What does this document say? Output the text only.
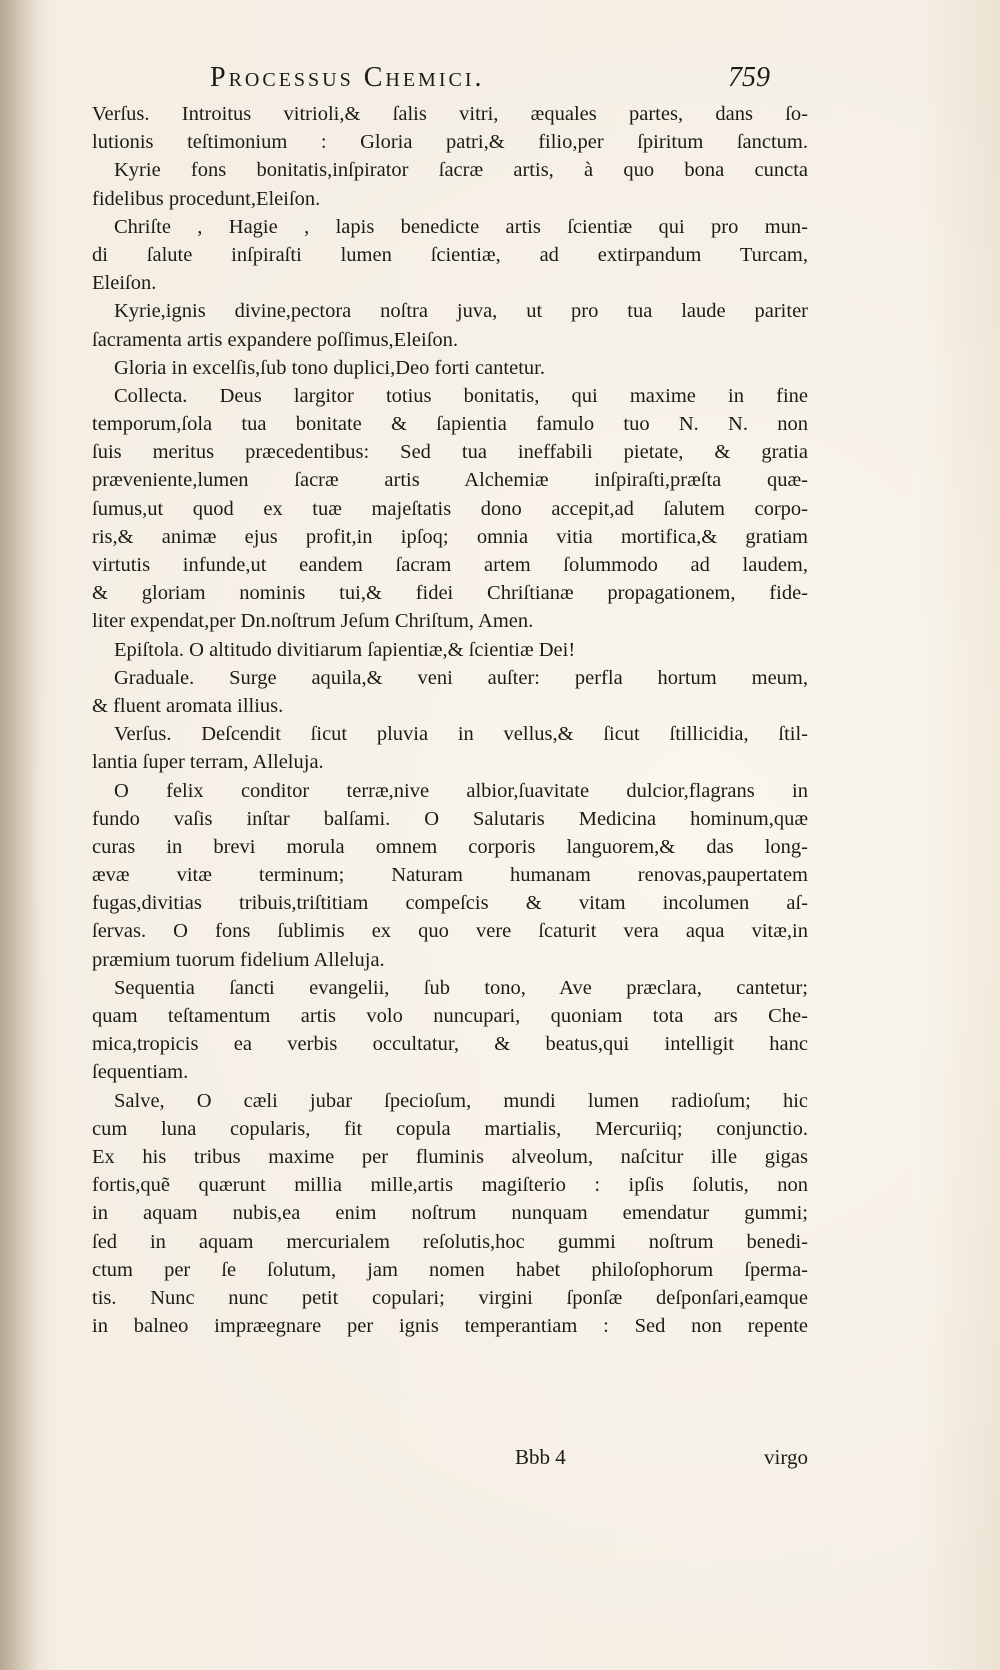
Processus Chemici.	759
Verſus. Introitus vitrioli,& ſalis vitri, æquales partes, dans ſo-
lutionis teſtimonium : Gloria patri,& filio,per ſpiritum ſanctum.
Kyrie fons bonitatis,inſpirator ſacræ artis, à quo bona cuncta
fidelibus procedunt,Eleiſon.
Chriſte , Hagie , lapis benedicte artis ſcientiæ qui pro mun-
di ſalute inſpiraſti lumen ſcientiæ, ad extirpandum Turcam,
Eleiſon.
Kyrie,ignis divine,pectora noſtra juva, ut pro tua laude pariter
ſacramenta artis expandere poſſimus,Eleiſon.
Gloria in excelſis,ſub tono duplici,Deo forti cantetur.
Collecta. Deus largitor totius bonitatis, qui maxime in fine
temporum,ſola tua bonitate & ſapientia famulo tuo N. N. non
ſuis meritus præcedentibus: Sed tua ineffabili pietate, & gratia
præveniente,lumen ſacræ artis Alchemiæ inſpiraſti,præſta quæ-
ſumus,ut quod ex tuæ majeſtatis dono accepit,ad ſalutem corpo-
ris,& animæ ejus profit,in ipſoq; omnia vitia mortifica,& gratiam
virtutis infunde,ut eandem ſacram artem ſolummodo ad laudem,
& gloriam nominis tui,& fidei Chriſtianæ propagationem, fide-
liter expendat,per Dn.noſtrum Jeſum Chriſtum, Amen.
Epiſtola. O altitudo divitiarum ſapientiæ,& ſcientiæ Dei!
Graduale. Surge aquila,& veni auſter: perfla hortum meum,
& fluent aromata illius.
Verſus. Deſcendit ſicut pluvia in vellus,& ſicut ſtillicidia, ſtil-
lantia ſuper terram, Alleluja.
O felix conditor terræ,nive albior,ſuavitate dulcior,flagrans in
fundo vaſis inſtar balſami. O Salutaris Medicina hominum,quæ
curas in brevi morula omnem corporis languorem,& das long-
ævæ vitæ terminum; Naturam humanam renovas,paupertatem
fugas,divitias tribuis,triſtitiam compeſcis & vitam incolumen aſ-
ſervas. O fons ſublimis ex quo vere ſcaturit vera aqua vitæ,in
præmium tuorum fidelium Alleluja.
Sequentia ſancti evangelii, ſub tono, Ave præclara, cantetur;
quam teſtamentum artis volo nuncupari, quoniam tota ars Che-
mica,tropicis ea verbis occultatur, & beatus,qui intelligit hanc
ſequentiam.
Salve, O cæli jubar ſpecioſum, mundi lumen radioſum; hic
cum luna copularis, fit copula martialis, Mercuriiq; conjunctio.
Ex his tribus maxime per fluminis alveolum, naſcitur ille gigas
fortis,quẽ quærunt millia mille,artis magiſterio : ipſis ſolutis, non
in aquam nubis,ea enim noſtrum nunquam emendatur gummi;
ſed in aquam mercurialem reſolutis,hoc gummi noſtrum benedi-
ctum per ſe ſolutum, jam nomen habet philoſophorum ſperma-
tis. Nunc nunc petit copulari; virgini ſponſæ deſponſari,eamque
in balneo impræegnare per ignis temperantiam : Sed non repente
Bbb 4	virgo
